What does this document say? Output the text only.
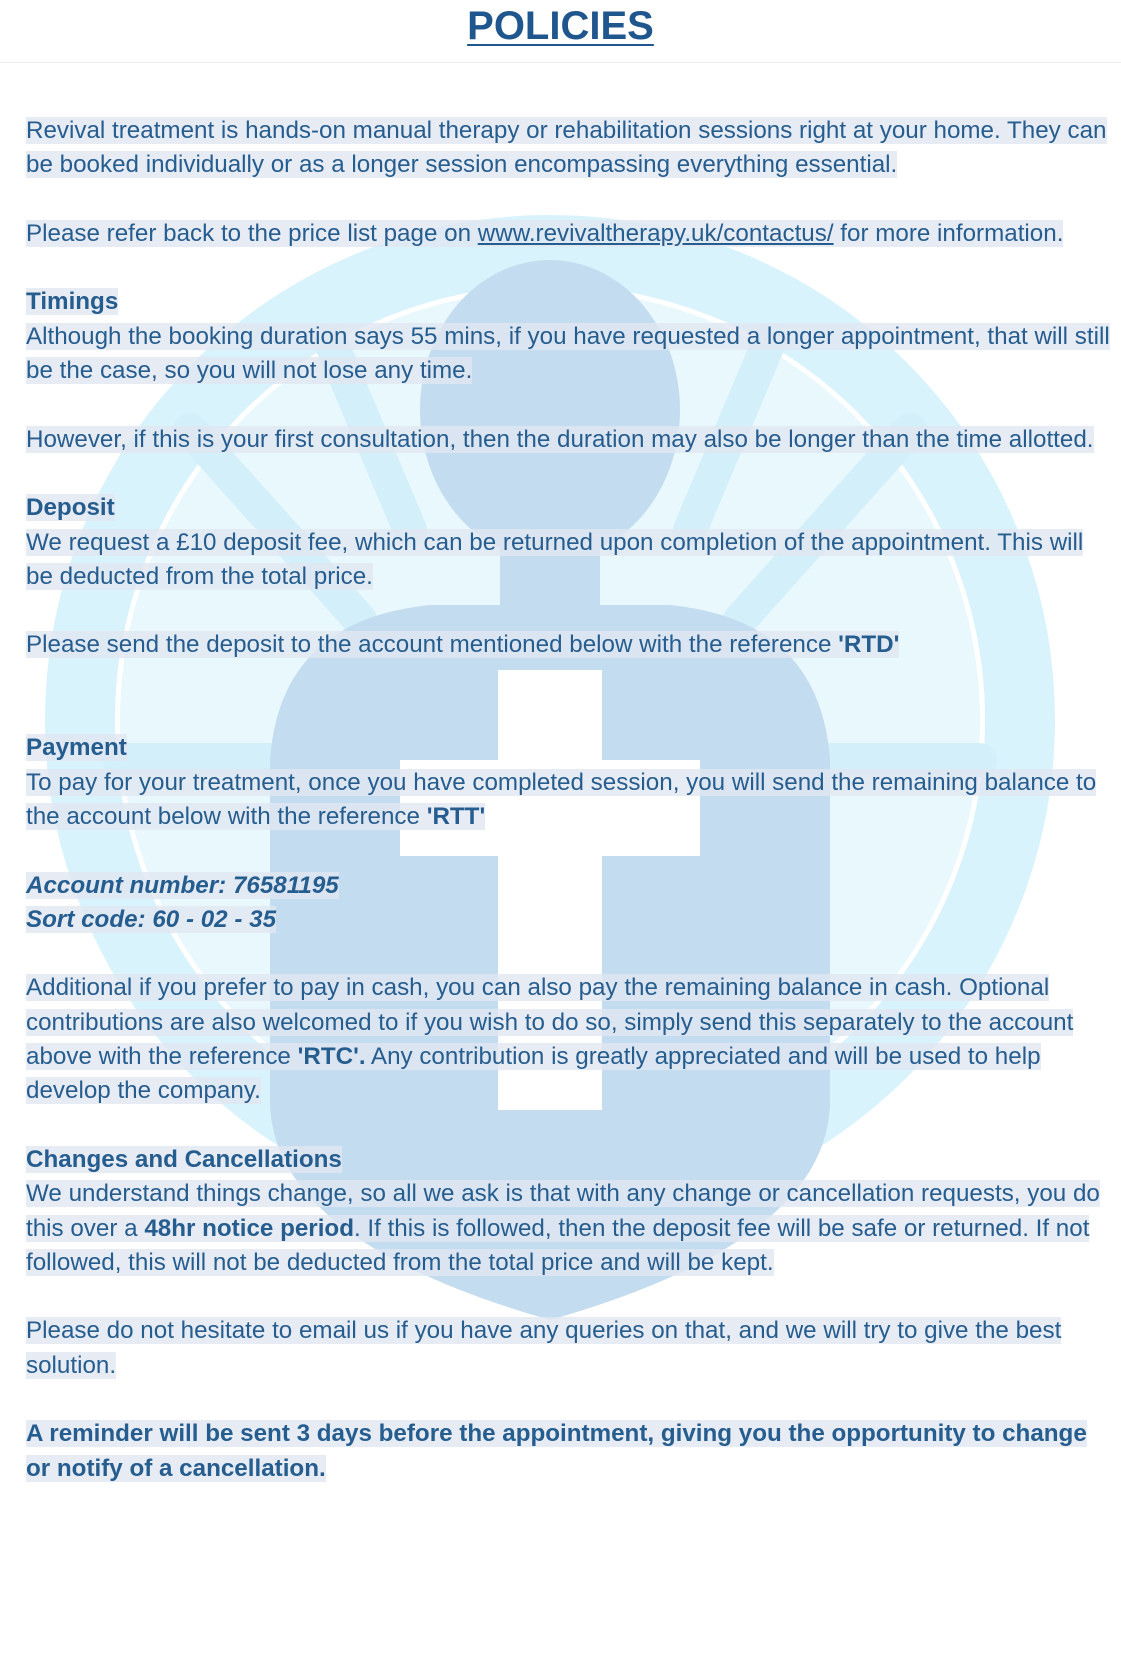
POLICIES

Revival treatment is hands-on manual therapy or rehabilitation sessions right at your home. They can be booked individually or as a longer session encompassing everything essential.

Please refer back to the price list page on www.revivaltherapy.uk/contactus/ for more information.

Timings

Although the booking duration says 55 mins, if you have requested a longer appointment, that will still be the case, so you will not lose any time.

However, if this is your first consultation, then the duration may also be longer than the time allotted.

Deposit

We request a £10 deposit fee, which can be returned upon completion of the appointment. This will be deducted from the total price.

Please send the deposit to the account mentioned below with the reference 'RTD'

Payment

To pay for your treatment, once you have completed session, you will send the remaining balance to the account below with the reference 'RTT'

Account number: 76581195

Sort code: 60 - 02 - 35

Additional if you prefer to pay in cash, you can also pay the remaining balance in cash. Optional contributions are also welcomed to if you wish to do so, simply send this separately to the account above with the reference 'RTC'. Any contribution is greatly appreciated and will be used to help develop the company.

Changes and Cancellations

We understand things change, so all we ask is that with any change or cancellation requests, you do this over a 48hr notice period. If this is followed, then the deposit fee will be safe or returned. If not followed, this will not be deducted from the total price and will be kept.

Please do not hesitate to email us if you have any queries on that, and we will try to give the best solution.

A reminder will be sent 3 days before the appointment, giving you the opportunity to change or notify of a cancellation.
